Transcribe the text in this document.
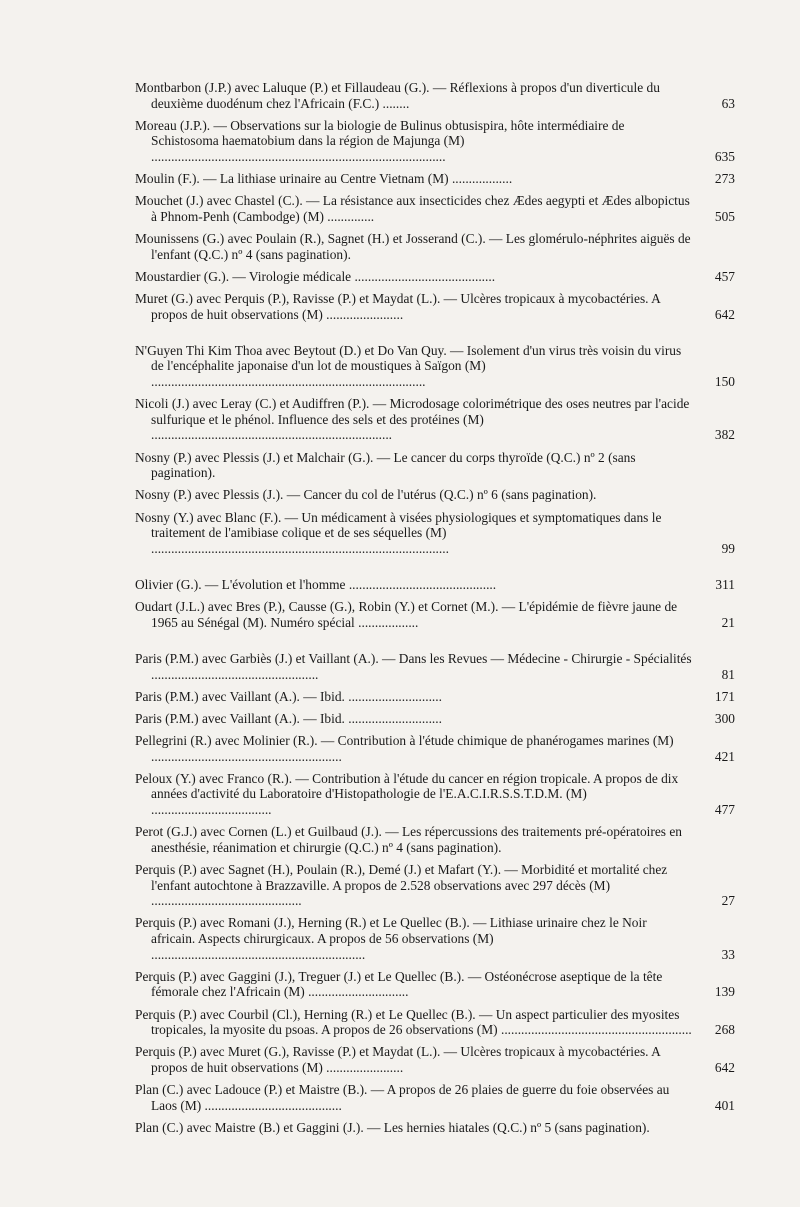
Montbarbon (J.P.) avec Laluque (P.) et Fillaudeau (G.). — Réflexions à propos d'un diverticule du deuxième duodénum chez l'Africain (F.C.) ........	63
Moreau (J.P.). — Observations sur la biologie de Bulinus obtusispira, hôte intermédiaire de Schistosoma haematobium dans la région de Majunga (M) ........................................................................................	635
Moulin (F.). — La lithiase urinaire au Centre Vietnam (M) ..................	273
Mouchet (J.) avec Chastel (C.). — La résistance aux insecticides chez Ædes aegypti et Ædes albopictus à Phnom-Penh (Cambodge) (M) ..............	505
Mounissens (G.) avec Poulain (R.), Sagnet (H.) et Josserand (C.). — Les glomérulo-néphrites aiguës de l'enfant (Q.C.) nº 4 (sans pagination).
Moustardier (G.). — Virologie médicale ..........................................	457
Muret (G.) avec Perquis (P.), Ravisse (P.) et Maydat (L.). — Ulcères tropicaux à mycobactéries. A propos de huit observations (M) .......................	642
N'Guyen Thi Kim Thoa avec Beytout (D.) et Do Van Quy. — Isolement d'un virus très voisin du virus de l'encéphalite japonaise d'un lot de moustiques à Saïgon (M) ..................................................................................	150
Nicoli (J.) avec Leray (C.) et Audiffren (P.). — Microdosage colorimétrique des oses neutres par l'acide sulfurique et le phénol. Influence des sels et des protéines (M) ........................................................................	382
Nosny (P.) avec Plessis (J.) et Malchair (G.). — Le cancer du corps thyroïde (Q.C.) nº 2 (sans pagination).
Nosny (P.) avec Plessis (J.). — Cancer du col de l'utérus (Q.C.) nº 6 (sans pagination).
Nosny (Y.) avec Blanc (F.). — Un médicament à visées physiologiques et symptomatiques dans le traitement de l'amibiase colique et de ses séquelles (M) .........................................................................................	99
Olivier (G.). — L'évolution et l'homme ............................................	311
Oudart (J.L.) avec Bres (P.), Causse (G.), Robin (Y.) et Cornet (M.). — L'épidémie de fièvre jaune de 1965 au Sénégal (M). Numéro spécial ..................	21
Paris (P.M.) avec Garbiès (J.) et Vaillant (A.). — Dans les Revues — Médecine - Chirurgie - Spécialités ..................................................	81
Paris (P.M.) avec Vaillant (A.). — Ibid. ............................	171
Paris (P.M.) avec Vaillant (A.). — Ibid. ............................	300
Pellegrini (R.) avec Molinier (R.). — Contribution à l'étude chimique de phanérogames marines (M) .........................................................	421
Peloux (Y.) avec Franco (R.). — Contribution à l'étude du cancer en région tropicale. A propos de dix années d'activité du Laboratoire d'Histopathologie de l'E.A.C.I.R.S.S.T.D.M. (M) ....................................	477
Perot (G.J.) avec Cornen (L.) et Guilbaud (J.). — Les répercussions des traitements pré-opératoires en anesthésie, réanimation et chirurgie (Q.C.) nº 4 (sans pagination).
Perquis (P.) avec Sagnet (H.), Poulain (R.), Demé (J.) et Mafart (Y.). — Morbidité et mortalité chez l'enfant autochtone à Brazzaville. A propos de 2.528 observations avec 297 décès (M) .............................................	27
Perquis (P.) avec Romani (J.), Herning (R.) et Le Quellec (B.). — Lithiase urinaire chez le Noir africain. Aspects chirurgicaux. A propos de 56 observations (M) ................................................................	33
Perquis (P.) avec Gaggini (J.), Treguer (J.) et Le Quellec (B.). — Ostéonécrose aseptique de la tête fémorale chez l'Africain (M) ..............................	139
Perquis (P.) avec Courbil (Cl.), Herning (R.) et Le Quellec (B.). — Un aspect particulier des myosites tropicales, la myosite du psoas. A propos de 26 observations (M) .........................................................	268
Perquis (P.) avec Muret (G.), Ravisse (P.) et Maydat (L.). — Ulcères tropicaux à mycobactéries. A propos de huit observations (M) .......................	642
Plan (C.) avec Ladouce (P.) et Maistre (B.). — A propos de 26 plaies de guerre du foie observées au Laos (M) .........................................	401
Plan (C.) avec Maistre (B.) et Gaggini (J.). — Les hernies hiatales (Q.C.) nº 5 (sans pagination).
